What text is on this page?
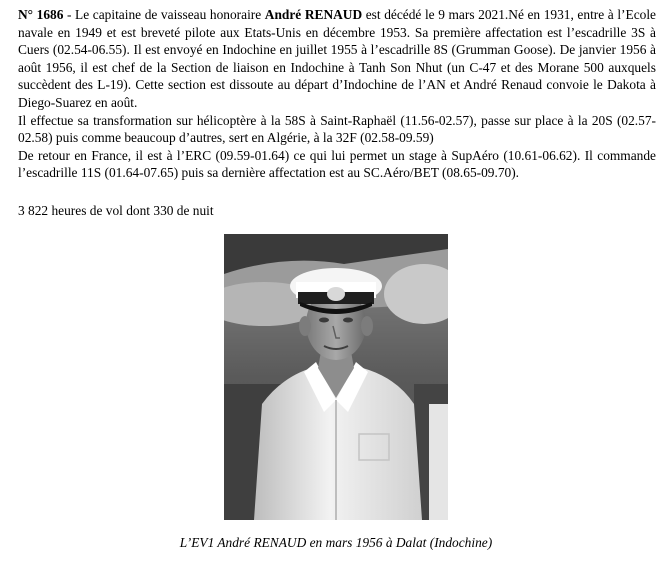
N° 1686 - Le capitaine de vaisseau honoraire André RENAUD est décédé le 9 mars 2021.Né en 1931, entre à l’Ecole navale en 1949 et est breveté pilote aux Etats-Unis en décembre 1953. Sa première affectation est l’escadrille 3S à Cuers (02.54-06.55). Il est envoyé en Indochine en juillet 1955 à l’escadrille 8S (Grumman Goose). De janvier 1956 à août 1956, il est chef de la Section de liaison en Indochine à Tanh Son Nhut (un C-47 et des Morane 500 auxquels succèdent des L-19). Cette section est dissoute au départ d’Indochine de l’AN et André Renaud convoie le Dakota à Diego-Suarez en août.

Il effectue sa transformation sur hélicoptère à la 58S à Saint-Raphaël (11.56-02.57), passe sur place à la 20S (02.57-02.58) puis comme beaucoup d’autres, sert en Algérie, à la 32F (02.58-09.59)

De retour en France, il est à l’ERC (09.59-01.64) ce qui lui permet un stage à SupAéro (10.61-06.62). Il commande l’escadrille 11S (01.64-07.65) puis sa dernière affectation est au SC.Aéro/BET (08.65-09.70).

3 822 heures de vol dont 330 de nuit

L’EV1 André RENAUD en mars 1956 à Dalat (Indochine)
